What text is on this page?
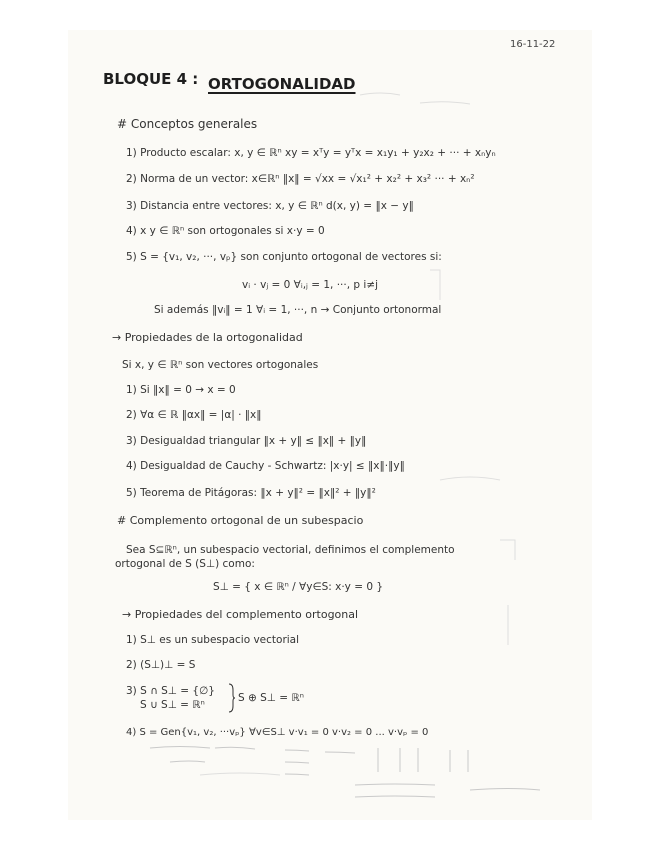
16-11-22
BLOQUE 4 : ORTOGONALIDAD
# Conceptos generales
1) Producto escalar: x, y ∈ ℝⁿ xy = xᵀy = yᵀx = x₁y₁ + y₂x₂ + ··· + xₙyₙ
2) Norma de un vector: x∈ℝⁿ ‖x‖ = √xx = √x₁² + x₂² + x₃² ··· + xₙ²
3) Distancia entre vectores: x, y ∈ ℝⁿ d(x, y) = ‖x − y‖
4) x y ∈ ℝⁿ son ortogonales si x·y = 0
5) S = {v₁, v₂, ···, vₚ} son conjunto ortogonal de vectores si:
vᵢ · vⱼ = 0 ∀ᵢ,ⱼ = 1, ···, p i≠j
Si además ‖vᵢ‖ = 1 ∀ᵢ = 1, ···, n → Conjunto ortonormal
→ Propiedades de la ortogonalidad
Si x, y ∈ ℝⁿ son vectores ortogonales
1) Si ‖x‖ = 0 → x = 0
2) ∀α ∈ ℝ ‖αx‖ = |α| · ‖x‖
3) Desigualdad triangular ‖x + y‖ ≤ ‖x‖ + ‖y‖
4) Desigualdad de Cauchy - Schwartz: |x·y| ≤ ‖x‖·‖y‖
5) Teorema de Pitágoras: ‖x + y‖² = ‖x‖² + ‖y‖²
# Complemento ortogonal de un subespacio
Sea S⊆ℝⁿ, un subespacio vectorial, definimos el complemento
ortogonal de S (S⊥) como:
S⊥ = { x ∈ ℝⁿ / ∀y∈S: x·y = 0 }
→ Propiedades del complemento ortogonal
1) S⊥ es un subespacio vectorial
2) (S⊥)⊥ = S
3) S ∩ S⊥ = {∅}
S ∪ S⊥ = ℝⁿ
S ⊕ S⊥ = ℝⁿ
4) S = Gen{v₁, v₂, ···vₚ} ∀v∈S⊥ v·v₁ = 0 v·v₂ = 0 ... v·vₚ = 0
